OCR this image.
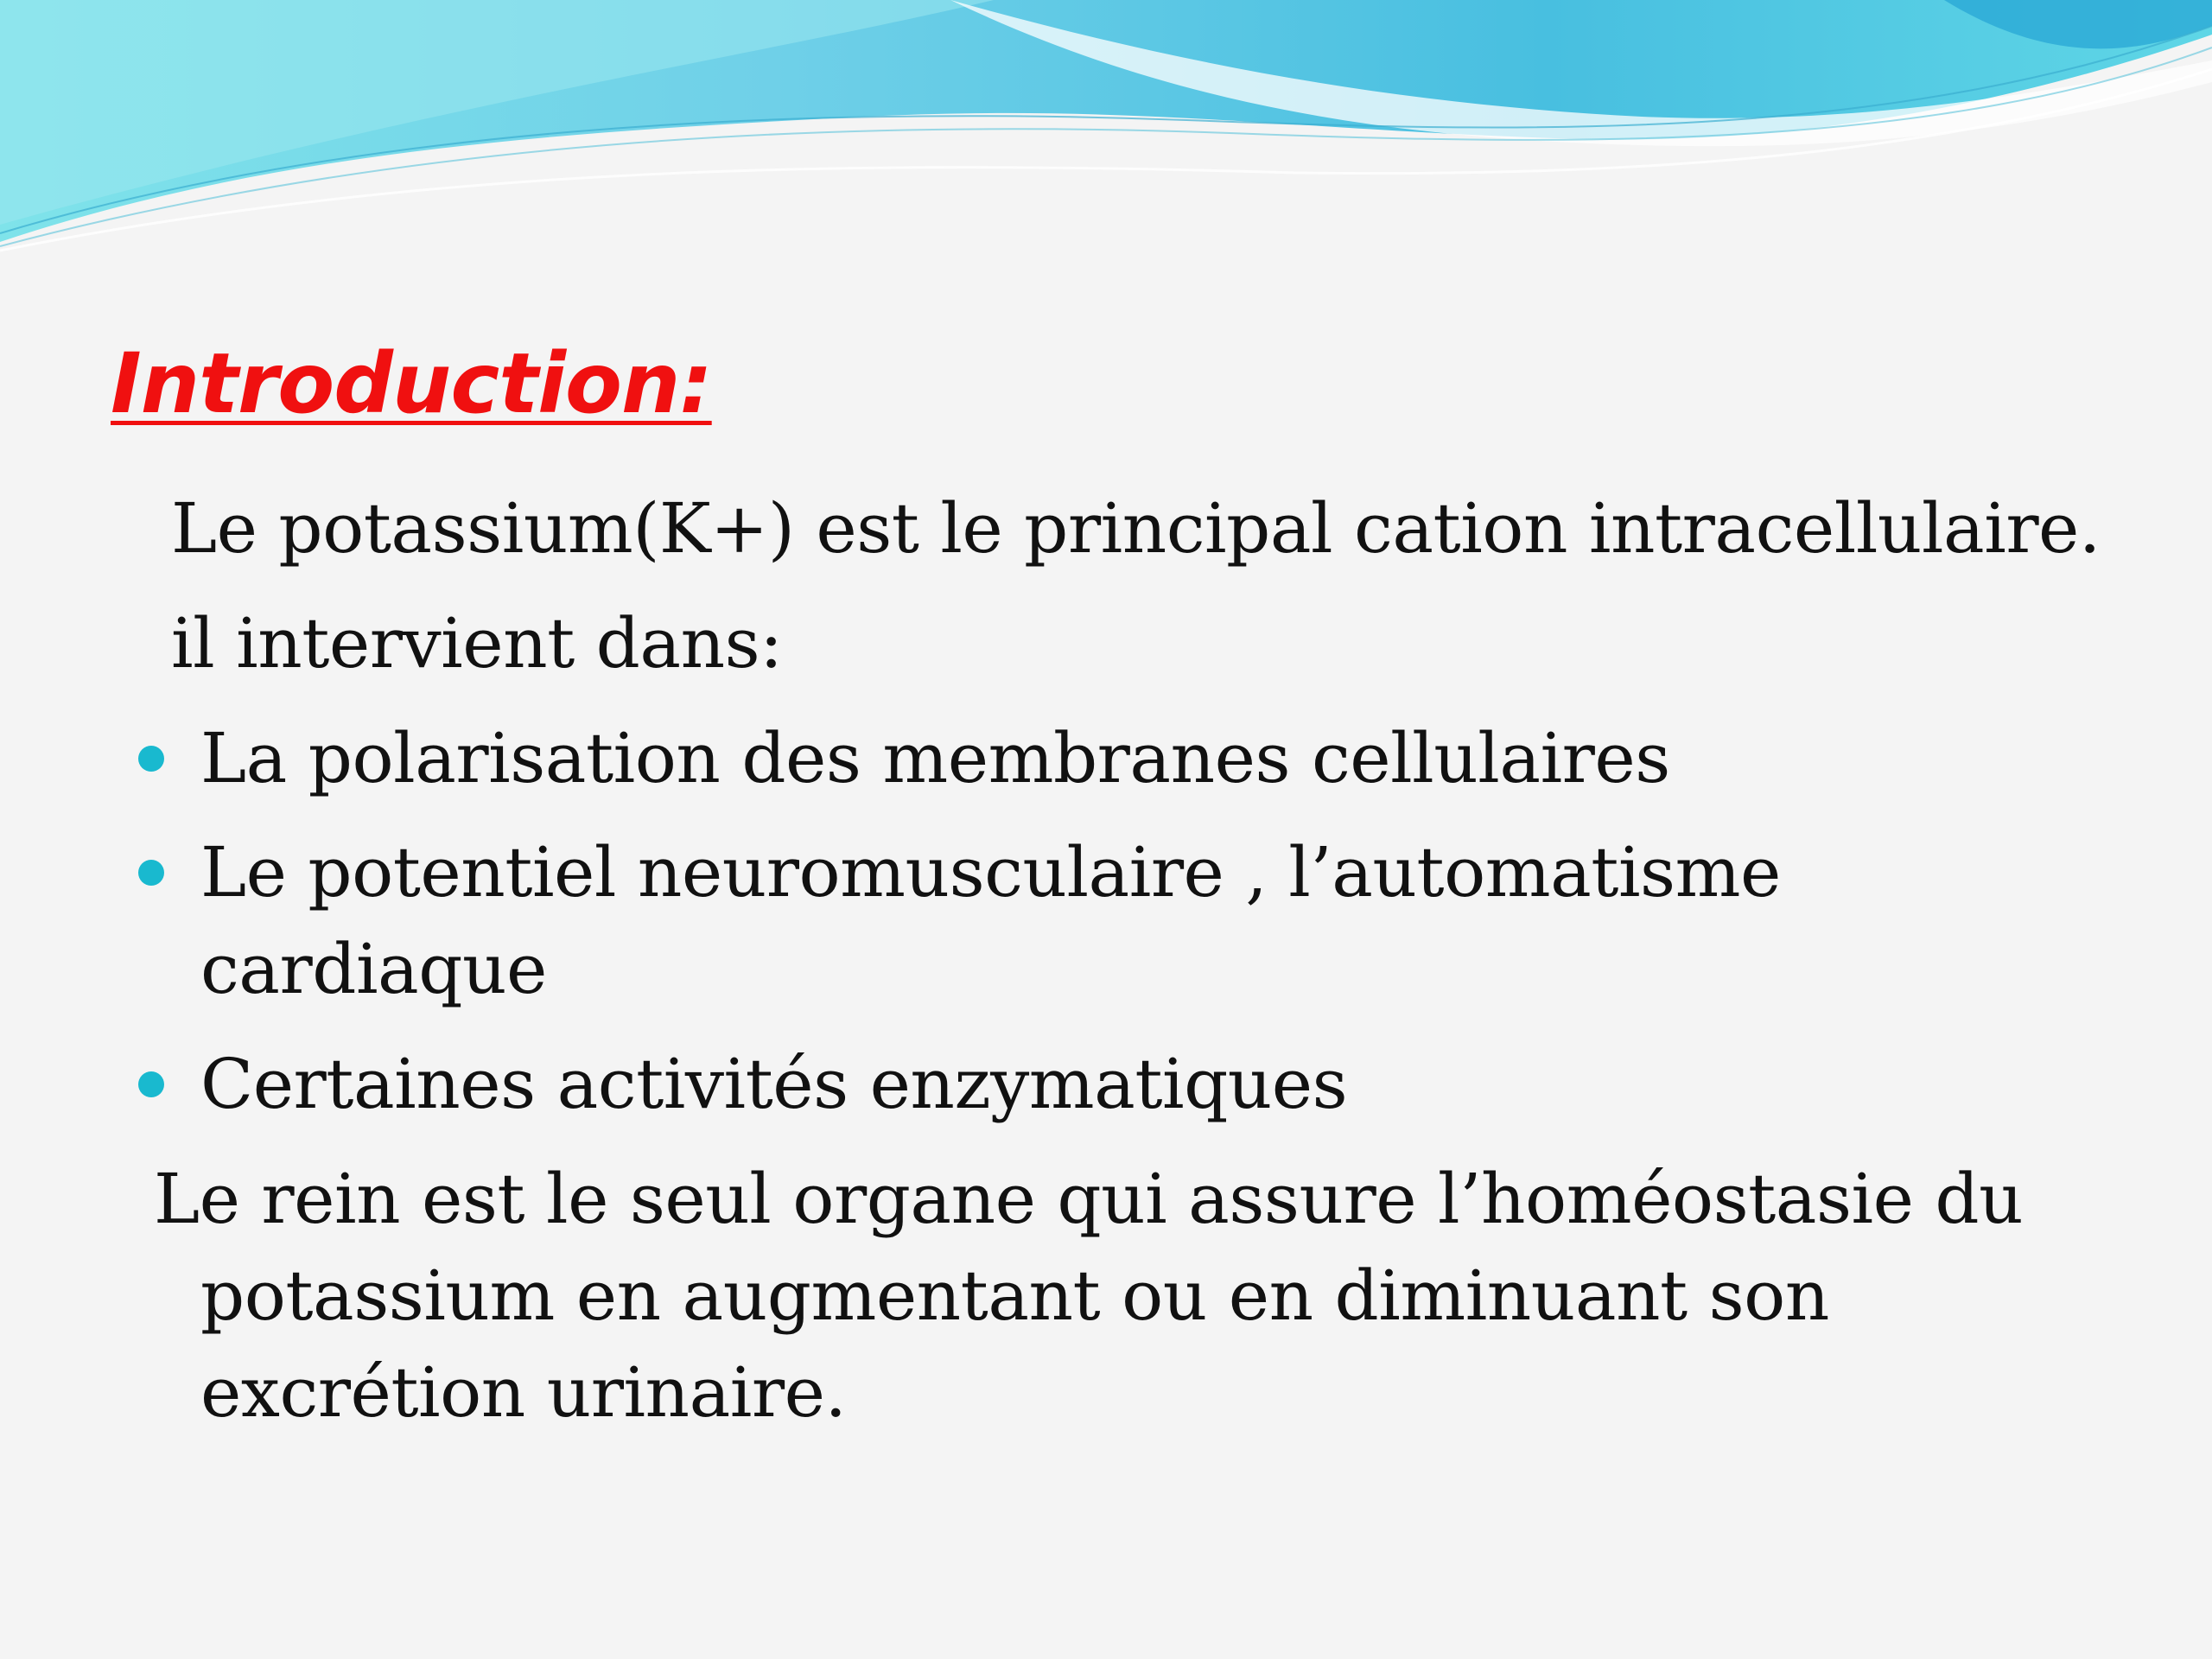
Introduction:

Le potassium(K+) est le principal cation intracellulaire.

il intervient dans:

La polarisation des membranes cellulaires

Le potentiel neuromusculaire , l’automatisme

cardiaque

Certaines activités enzymatiques

Le rein est le seul organe qui assure l’homéostasie du

potassium en augmentant ou en diminuant son

excrétion urinaire.
